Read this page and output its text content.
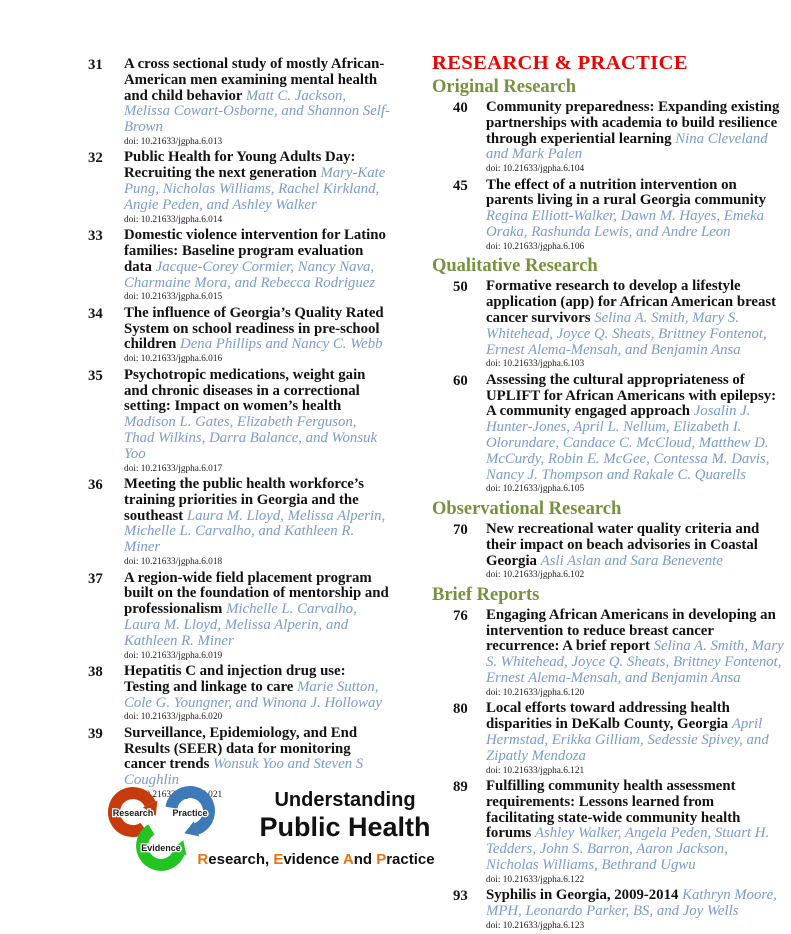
31	A cross sectional study of mostly African-American men examining mental health and child behavior Matt C. Jackson, Melissa Cowart-Osborne, and Shannon Self-Brown

doi: 10.21633/jgpha.6.013
32	Public Health for Young Adults Day: Recruiting the next generation Mary-Kate Pung, Nicholas Williams, Rachel Kirkland, Angie Peden, and Ashley Walker

doi: 10.21633/jgpha.6.014
33	Domestic violence intervention for Latino families: Baseline program evaluation data Jacque-Corey Cormier, Nancy Nava, Charmaine Mora, and Rebecca Rodriguez

doi: 10.21633/jgpha.6.015
34	The influence of Georgia’s Quality Rated System on school readiness in pre-school children Dena Phillips and Nancy C. Webb

doi: 10.21633/jgpha.6.016
35	Psychotropic medications, weight gain and chronic diseases in a correctional setting: Impact on women’s health Madison L. Gates, Elizabeth Ferguson, Thad Wilkins, Darra Balance, and Wonsuk Yoo

doi: 10.21633/jgpha.6.017
36	Meeting the public health workforce’s training priorities in Georgia and the southeast Laura M. Lloyd, Melissa Alperin, Michelle L. Carvalho, and Kathleen R. Miner

doi: 10.21633/jgpha.6.018
37	A region-wide field placement program built on the foundation of mentorship and professionalism Michelle L. Carvalho, Laura M. Lloyd, Melissa Alperin, and Kathleen R. Miner

doi: 10.21633/jgpha.6.019
38	Hepatitis C and injection drug use: Testing and linkage to care Marie Sutton, Cole G. Youngner, and Winona J. Holloway

doi: 10.21633/jgpha.6.020
39	Surveillance, Epidemiology, and End Results (SEER) data for monitoring cancer trends Wonsuk Yoo and Steven S Coughlin

doi: 10.21633/jgpha.6.021
RESEARCH & PRACTICE
Original Research
40	Community preparedness: Expanding existing partnerships with academia to build resilience through experiential learning Nina Cleveland and Mark Palen

doi: 10.21633/jgpha.6.104
45	The effect of a nutrition intervention on parents living in a rural Georgia community Regina Elliott-Walker, Dawn M. Hayes, Emeka Oraka, Rashunda Lewis, and Andre Leon

doi: 10.21633/jgpha.6.106
Qualitative Research
50	Formative research to develop a lifestyle application (app) for African American breast cancer survivors Selina A. Smith, Mary S. Whitehead, Joyce Q. Sheats, Brittney Fontenot, Ernest Alema-Mensah, and Benjamin Ansa

doi: 10.21633/jgpha.6.103
60	Assessing the cultural appropriateness of UPLIFT for African Americans with epilepsy: A community engaged approach Josalin J. Hunter-Jones, April L. Nellum, Elizabeth I. Olorundare, Candace C. McCloud, Matthew D. McCurdy, Robin E. McGee, Contessa M. Davis, Nancy J. Thompson and Rakale C. Quarells

doi: 10.21633/jgpha.6.105
Observational Research
70	New recreational water quality criteria and their impact on beach advisories in Coastal Georgia Asli Aslan and Sara Benevente

doi: 10.21633/jgpha.6.102
Brief Reports
76	Engaging African Americans in developing an intervention to reduce breast cancer recurrence: A brief report Selina A. Smith, Mary S. Whitehead, Joyce Q. Sheats, Brittney Fontenot, Ernest Alema-Mensah, and Benjamin Ansa

doi: 10.21633/jgpha.6.120
80	Local efforts toward addressing health disparities in DeKalb County, Georgia April Hermstad, Erikka Gilliam, Sedessie Spivey, and Zipatly Mendoza

doi: 10.21633/jgpha.6.121
89	Fulfilling community health assessment requirements: Lessons learned from facilitating state-wide community health forums Ashley Walker, Angela Peden, Stuart H. Tedders, John S. Barron, Aaron Jackson, Nicholas Williams, Bethrand Ugwu

doi: 10.21633/jgpha.6.122
93	Syphilis in Georgia, 2009-2014 Kathryn Moore, MPH, Leonardo Parker, BS, and Joy Wells

doi: 10.21633/jgpha.6.123
Research Practice
Evidence
Understanding
Public Health
Research, Evidence And Practice
